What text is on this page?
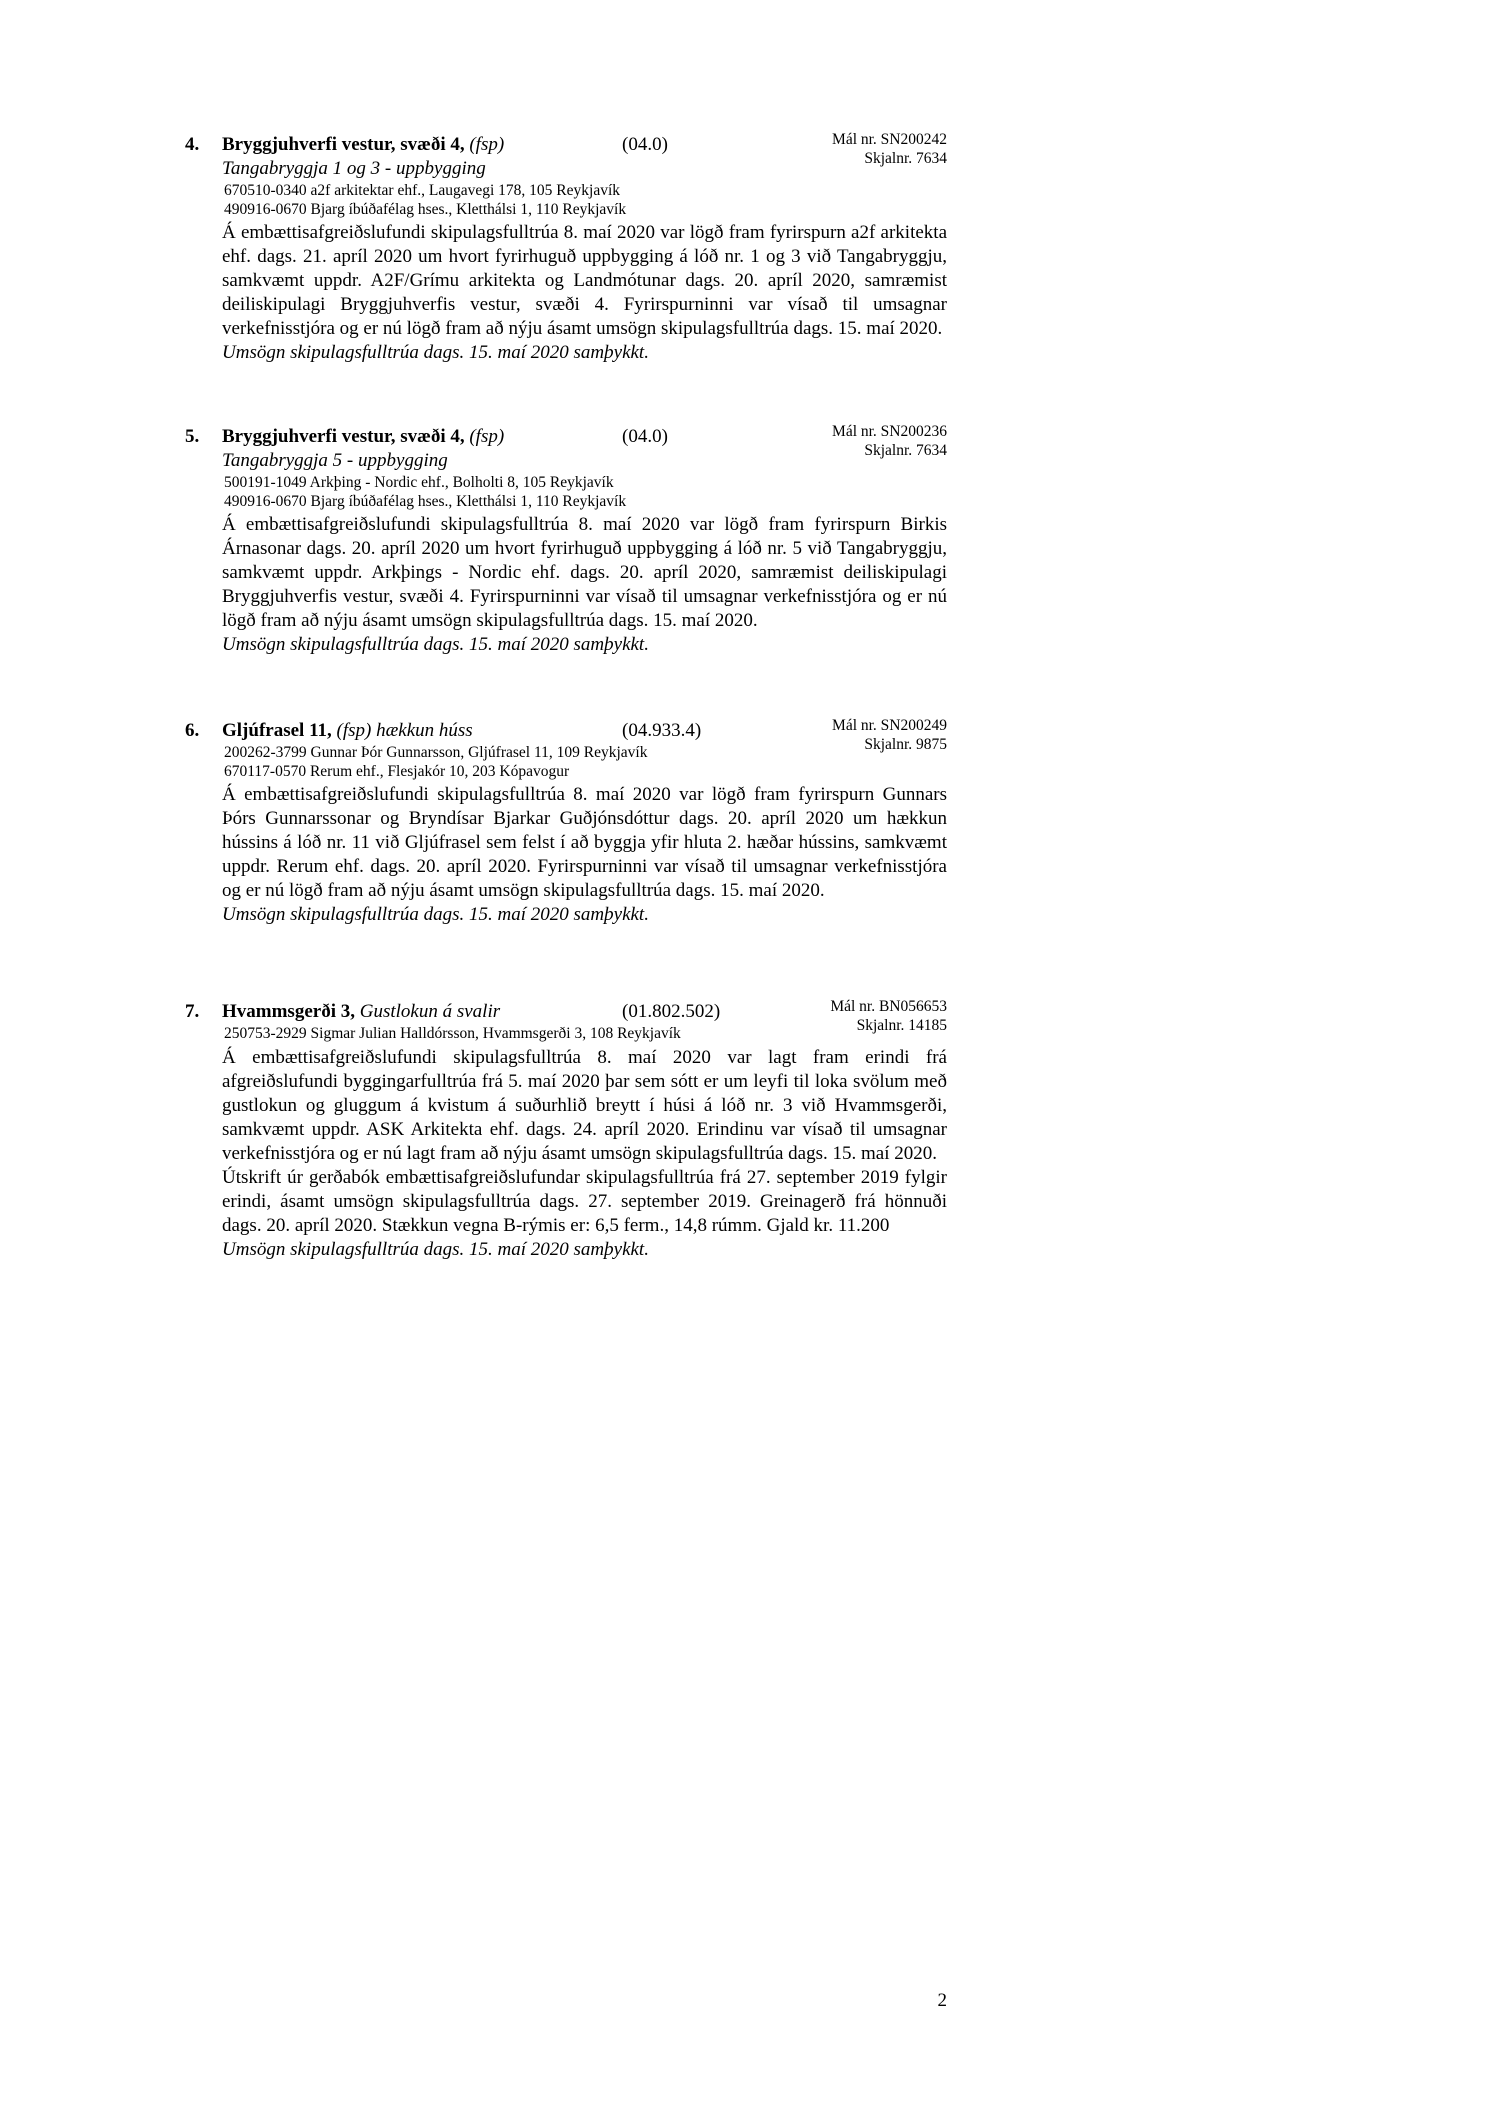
4. Bryggjuhverfi vestur, svæði 4, (fsp)	(04.0)	Mál nr. SN200242
Skjalnr. 7634
Tangabryggja 1 og 3 - uppbygging
670510-0340 a2f arkitektar ehf., Laugavegi 178, 105 Reykjavík
490916-0670 Bjarg íbúðafélag hses., Kletthálsi 1, 110 Reykjavík
Á embættisafgreiðslufundi skipulagsfulltrúa 8. maí 2020 var lögð fram fyrirspurn a2f arkitekta ehf. dags. 21. apríl 2020 um hvort fyrirhuguð uppbygging á lóð nr. 1 og 3 við Tangabryggju, samkvæmt uppdr. A2F/Grímu arkitekta og Landmótunar dags. 20. apríl 2020, samræmist deiliskipulagi Bryggjuhverfis vestur, svæði 4. Fyrirspurninni var vísað til umsagnar verkefnisstjóra og er nú lögð fram að nýju ásamt umsögn skipulagsfulltrúa dags. 15. maí 2020.
Umsögn skipulagsfulltrúa dags. 15. maí 2020 samþykkt.
5. Bryggjuhverfi vestur, svæði 4, (fsp)	(04.0)	Mál nr. SN200236
Skjalnr. 7634
Tangabryggja 5 - uppbygging
500191-1049 Arkþing - Nordic ehf., Bolholti 8, 105 Reykjavík
490916-0670 Bjarg íbúðafélag hses., Kletthálsi 1, 110 Reykjavík
Á embættisafgreiðslufundi skipulagsfulltrúa 8. maí 2020 var lögð fram fyrirspurn Birkis Árnasonar dags. 20. apríl 2020 um hvort fyrirhuguð uppbygging á lóð nr. 5 við Tangabryggju, samkvæmt uppdr. Arkþings - Nordic ehf. dags. 20. apríl 2020, samræmist deiliskipulagi Bryggjuhverfis vestur, svæði 4. Fyrirspurninni var vísað til umsagnar verkefnisstjóra og er nú lögð fram að nýju ásamt umsögn skipulagsfulltrúa dags. 15. maí 2020.
Umsögn skipulagsfulltrúa dags. 15. maí 2020 samþykkt.
6. Gljúfrasel 11, (fsp) hækkun húss	(04.933.4)	Mál nr. SN200249
Skjalnr. 9875
200262-3799 Gunnar Þór Gunnarsson, Gljúfrasel 11, 109 Reykjavík
670117-0570 Rerum ehf., Flesjakór 10, 203 Kópavogur
Á embættisafgreiðslufundi skipulagsfulltrúa 8. maí 2020 var lögð fram fyrirspurn Gunnars Þórs Gunnarssonar og Bryndísar Bjarkar Guðjónsdóttur dags. 20. apríl 2020 um hækkun hússins á lóð nr. 11 við Gljúfrasel sem felst í að byggja yfir hluta 2. hæðar hússins, samkvæmt uppdr. Rerum ehf. dags. 20. apríl 2020. Fyrirspurninni var vísað til umsagnar verkefnisstjóra og er nú lögð fram að nýju ásamt umsögn skipulagsfulltrúa dags. 15. maí 2020.
Umsögn skipulagsfulltrúa dags. 15. maí 2020 samþykkt.
7. Hvammsgerði 3, Gustlokun á svalir	(01.802.502)	Mál nr. BN056653
Skjalnr. 14185
250753-2929 Sigmar Julian Halldórsson, Hvammsgerði 3, 108 Reykjavík
Á embættisafgreiðslufundi skipulagsfulltrúa 8. maí 2020 var lagt fram erindi frá afgreiðslufundi byggingarfulltrúa frá 5. maí 2020 þar sem sótt er um leyfi til loka svölum með gustlokun og gluggum á kvistum á suðurhlið breytt í húsi á lóð nr. 3 við Hvammsgerði, samkvæmt uppdr. ASK Arkitekta ehf. dags. 24. apríl 2020. Erindinu var vísað til umsagnar verkefnisstjóra og er nú lagt fram að nýju ásamt umsögn skipulagsfulltrúa dags. 15. maí 2020.
Útskrift úr gerðabók embættisafgreiðslufundar skipulagsfulltrúa frá 27. september 2019 fylgir erindi, ásamt umsögn skipulagsfulltrúa dags. 27. september 2019. Greinagerð frá hönnuði dags. 20. apríl 2020. Stækkun vegna B-rýmis er: 6,5 ferm., 14,8 rúmm. Gjald kr. 11.200
Umsögn skipulagsfulltrúa dags. 15. maí 2020 samþykkt.
2
